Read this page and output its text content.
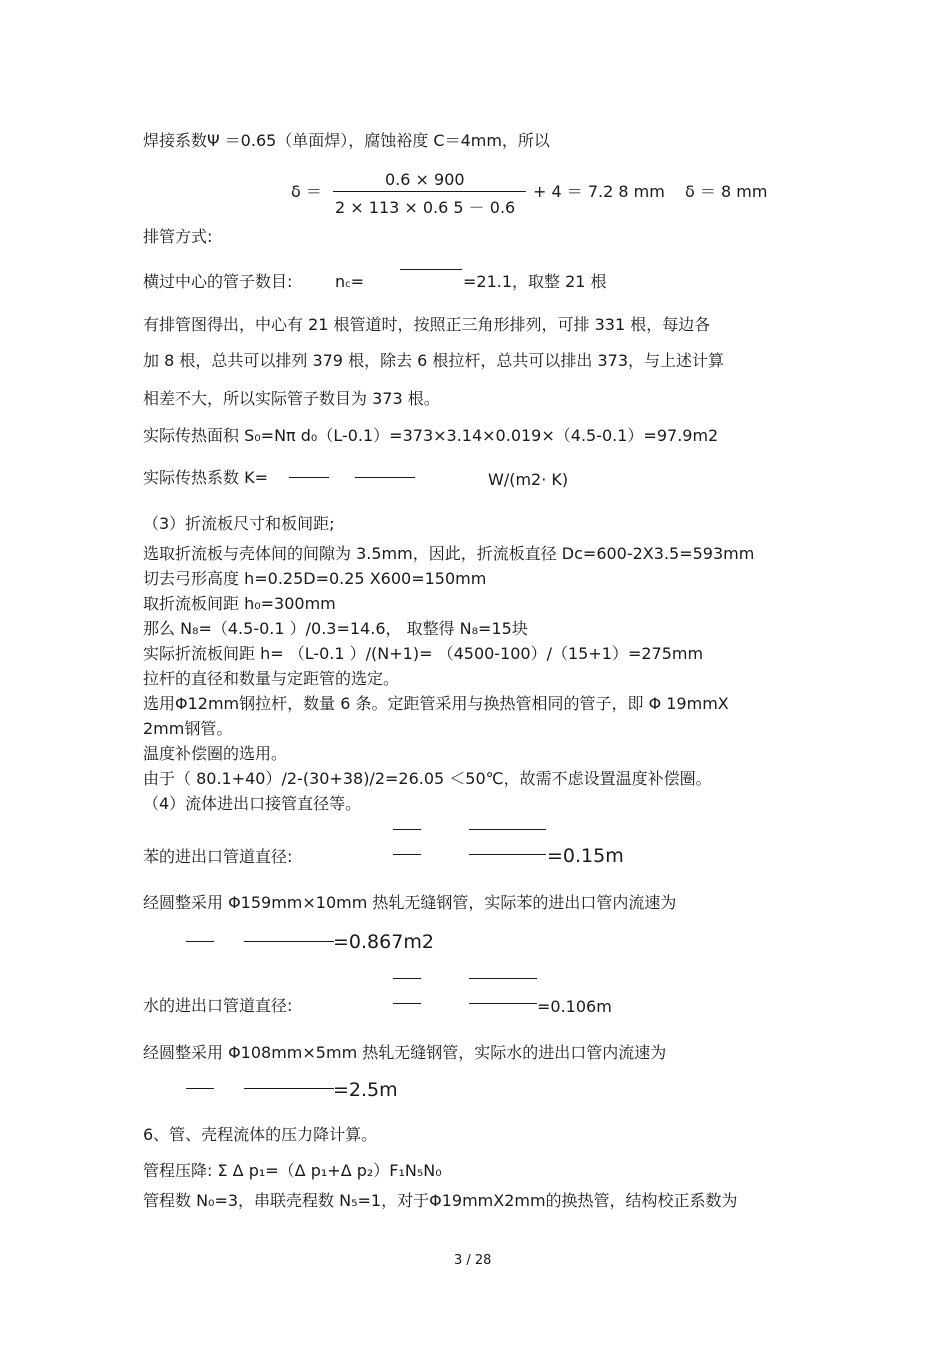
焊接系数Ψ ＝0.65（单面焊），腐蚀裕度 C＝4mm，所以
δ ＝
0.6 × 900
2 × 113 × 0.6 5 － 0.6
+ 4 ＝ 7.2 8 mm δ ＝ 8 mm
排管方式:
横过中心的管子数目:	nc=	=21.1，取整 21 根
有排管图得出，中心有 21 根管道时，按照正三角形排列，可排 331 根，每边各
加 8 根，总共可以排列 379 根，除去 6 根拉杆，总共可以排出 373，与上述计算
相差不大，所以实际管子数目为 373 根。
实际传热面积 S₀=Nπ d₀（L-0.1）=373×3.14×0.019×（4.5-0.1）=97.9m2
实际传热系数 K=	W/(m2· K)
（3）折流板尺寸和板间距;
选取折流板与壳体间的间隙为 3.5mm，因此，折流板直径 Dc=600-2Ⅹ3.5=593mm
切去弓形高度 h=0.25D=0.25 Ⅹ600=150mm
取折流板间距 h₀=300mm
那么 N₈=（4.5-0.1 ）/0.3=14.6， 取整得 N₈=15块
实际折流板间距 h= （L-0.1 ）/(N+1)= （4500-100）/（15+1）=275mm
拉杆的直径和数量与定距管的选定。
选用Φ12mm钢拉杆，数量 6 条。定距管采用与换热管相同的管子，即 Φ 19mmⅩ
2mm钢管。
温度补偿圈的选用。
由于（ 80.1+40）/2-(30+38)/2=26.05 ＜50℃，故需不虑设置温度补偿圈。
（4）流体进出口接管直径等。
苯的进出口管道直径:	=0.15m
经圆整采用 Φ159mm×10mm 热轧无缝钢管，实际苯的进出口管内流速为
=0.867m2
水的进出口管道直径:	=0.106m
经圆整采用 Φ108mm×5mm 热轧无缝钢管，实际水的进出口管内流速为
=2.5m
6、管、壳程流体的压力降计算。
管程压降: Σ Δ p₁=（Δ p₁+Δ p₂）F₁N₅N₀
管程数 N₀=3，串联壳程数 N₅=1，对于Φ19mmⅩ2mm的换热管，结构校正系数为
3 / 28
